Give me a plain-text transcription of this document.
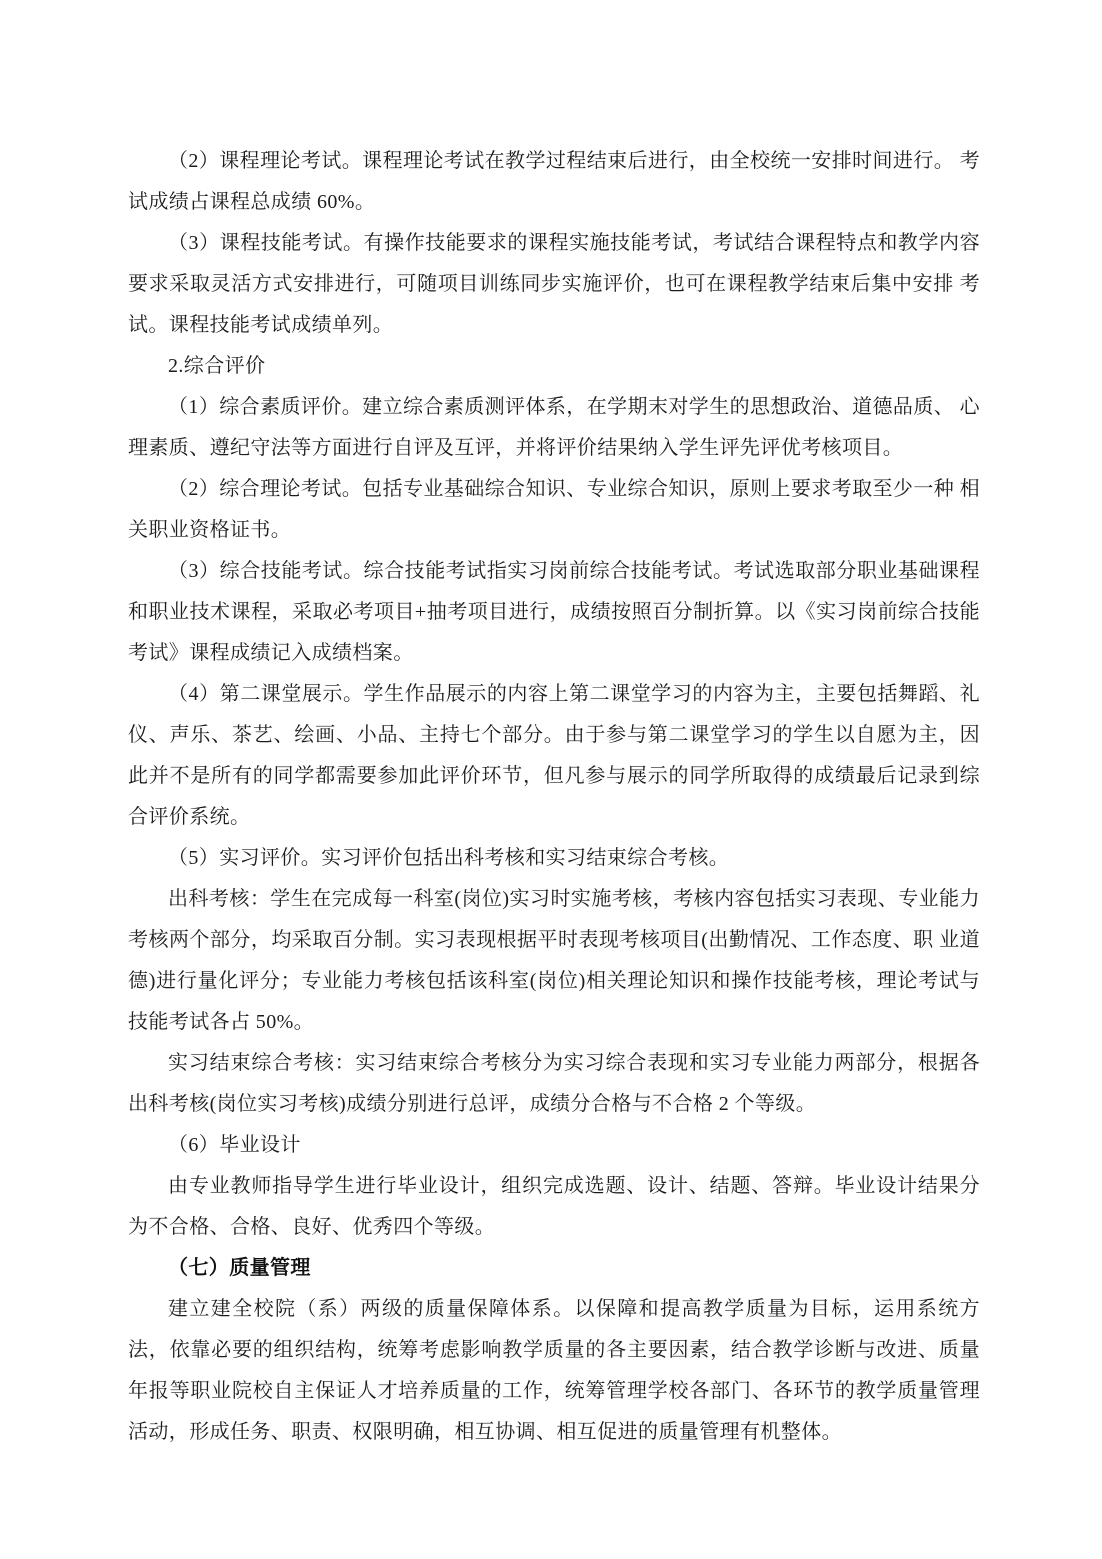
（2）课程理论考试。课程理论考试在教学过程结束后进行，由全校统一安排时间进行。 考试成绩占课程总成绩 60%。

（3）课程技能考试。有操作技能要求的课程实施技能考试，考试结合课程特点和教学内容要求采取灵活方式安排进行，可随项目训练同步实施评价，也可在课程教学结束后集中安排 考试。课程技能考试成绩单列。

2.综合评价

（1）综合素质评价。建立综合素质测评体系，在学期末对学生的思想政治、道德品质、 心理素质、遵纪守法等方面进行自评及互评，并将评价结果纳入学生评先评优考核项目。

（2）综合理论考试。包括专业基础综合知识、专业综合知识，原则上要求考取至少一种 相关职业资格证书。

（3）综合技能考试。综合技能考试指实习岗前综合技能考试。考试选取部分职业基础课程和职业技术课程，采取必考项目+抽考项目进行，成绩按照百分制折算。以《实习岗前综合技能考试》课程成绩记入成绩档案。

（4）第二课堂展示。学生作品展示的内容上第二课堂学习的内容为主，主要包括舞蹈、礼仪、声乐、茶艺、绘画、小品、主持七个部分。由于参与第二课堂学习的学生以自愿为主，因此并不是所有的同学都需要参加此评价环节，但凡参与展示的同学所取得的成绩最后记录到综合评价系统。

（5）实习评价。实习评价包括出科考核和实习结束综合考核。

出科考核：学生在完成每一科室(岗位)实习时实施考核，考核内容包括实习表现、专业能力考核两个部分，均采取百分制。实习表现根据平时表现考核项目(出勤情况、工作态度、职 业道德)进行量化评分；专业能力考核包括该科室(岗位)相关理论知识和操作技能考核，理论考试与技能考试各占 50%。

实习结束综合考核：实习结束综合考核分为实习综合表现和实习专业能力两部分，根据各 出科考核(岗位实习考核)成绩分别进行总评，成绩分合格与不合格 2 个等级。

（6）毕业设计

由专业教师指导学生进行毕业设计，组织完成选题、设计、结题、答辩。毕业设计结果分为不合格、合格、良好、优秀四个等级。

（七）质量管理

建立建全校院（系）两级的质量保障体系。以保障和提高教学质量为目标，运用系统方法，依靠必要的组织结构，统筹考虑影响教学质量的各主要因素，结合教学诊断与改进、质量年报等职业院校自主保证人才培养质量的工作，统筹管理学校各部门、各环节的教学质量管理活动，形成任务、职责、权限明确，相互协调、相互促进的质量管理有机整体。
